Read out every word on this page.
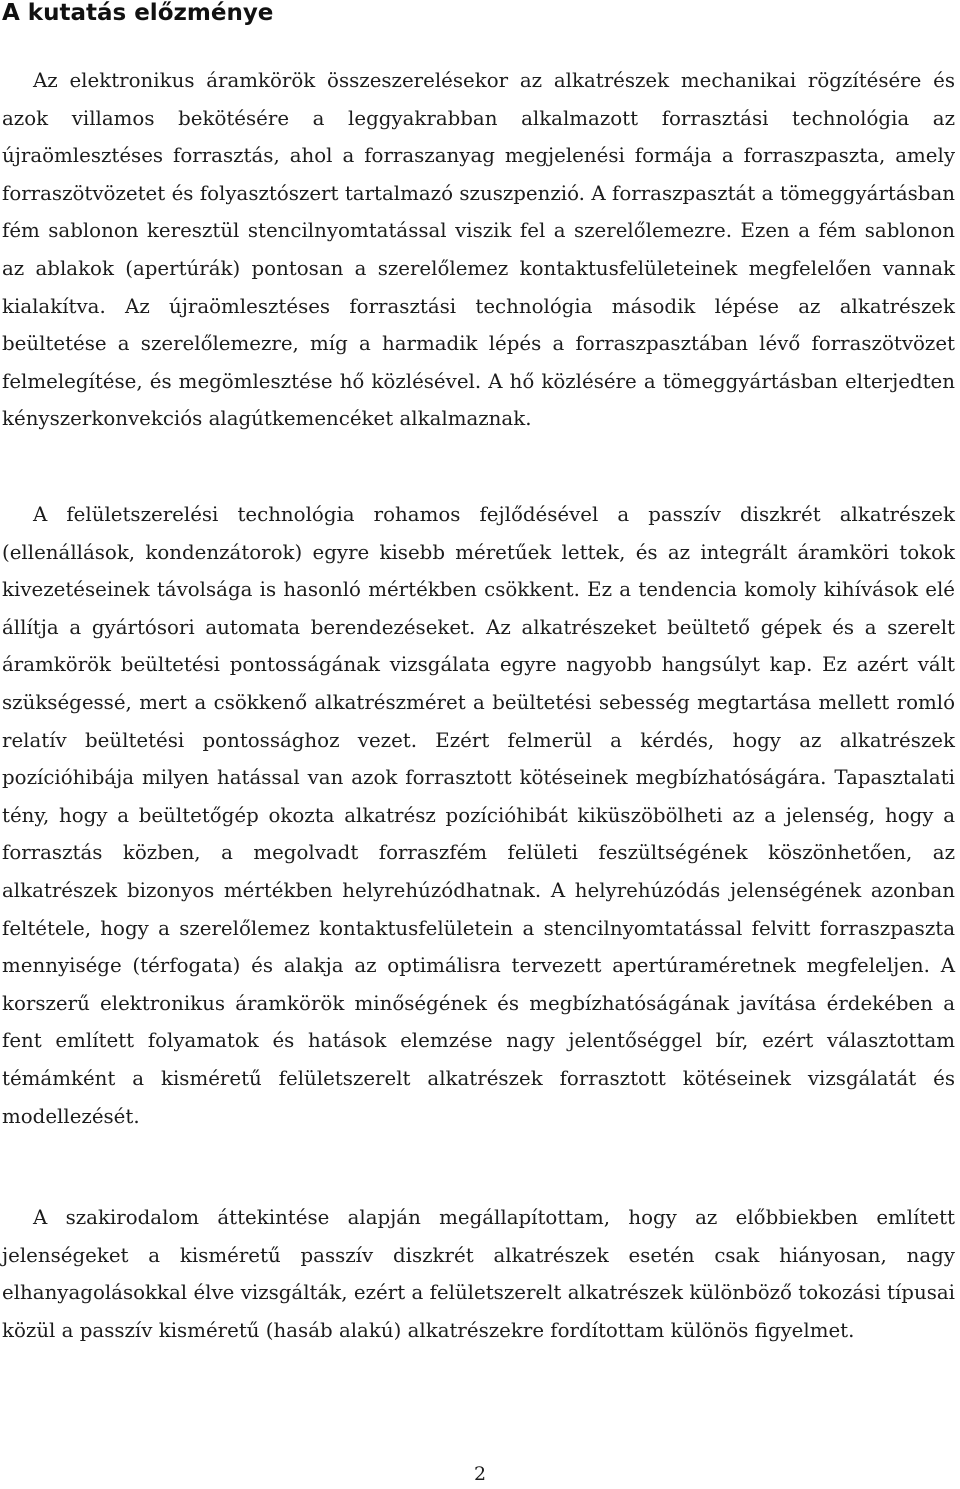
A kutatás előzménye

Az elektronikus áramkörök összeszerelésekor az alkatrészek mechanikai rögzítésére és azok villamos bekötésére a leggyakrabban alkalmazott forrasztási technológia az újraömlesztéses forrasztás, ahol a forraszanyag megjelenési formája a forraszpaszta, amely forraszötvözetet és folyasztószert tartalmazó szuszpenzió. A forraszpasztát a tömeggyártásban fém sablonon keresztül stencilnyomtatással viszik fel a szerelőlemezre. Ezen a fém sablonon az ablakok (apertúrák) pontosan a szerelőlemez kontaktusfelületeinek megfelelően vannak kialakítva. Az újraömlesztéses forrasztási technológia második lépése az alkatrészek beültetése a szerelőlemezre, míg a harmadik lépés a forraszpasztában lévő forraszötvözet felmelegítése, és megömlesztése hő közlésével. A hő közlésére a tömeggyártásban elterjedten kényszerkonvekciós alagútkemencéket alkalmaznak.

A felületszerelési technológia rohamos fejlődésével a passzív diszkrét alkatrészek (ellenállások, kondenzátorok) egyre kisebb méretűek lettek, és az integrált áramköri tokok kivezetéseinek távolsága is hasonló mértékben csökkent. Ez a tendencia komoly kihívások elé állítja a gyártósori automata berendezéseket. Az alkatrészeket beültető gépek és a szerelt áramkörök beültetési pontosságának vizsgálata egyre nagyobb hangsúlyt kap. Ez azért vált szükségessé, mert a csökkenő alkatrészméret a beültetési sebesség megtartása mellett romló relatív beültetési pontossághoz vezet. Ezért felmerül a kérdés, hogy az alkatrészek pozícióhibája milyen hatással van azok forrasztott kötéseinek megbízhatóságára. Tapasztalati tény, hogy a beültetőgép okozta alkatrész pozícióhibát kiküszöbölheti az a jelenség, hogy a forrasztás közben, a megolvadt forraszfém felületi feszültségének köszönhetően, az alkatrészek bizonyos mértékben helyrehúzódhatnak. A helyrehúzódás jelenségének azonban feltétele, hogy a szerelőlemez kontaktusfelületein a stencilnyomtatással felvitt forraszpaszta mennyisége (térfogata) és alakja az optimálisra tervezett apertúraméretnek megfeleljen. A korszerű elektronikus áramkörök minőségének és megbízhatóságának javítása érdekében a fent említett folyamatok és hatások elemzése nagy jelentőséggel bír, ezért választottam témámként a kisméretű felületszerelt alkatrészek forrasztott kötéseinek vizsgálatát és modellezését.

A szakirodalom áttekintése alapján megállapítottam, hogy az előbbiekben említett jelenségeket a kisméretű passzív diszkrét alkatrészek esetén csak hiányosan, nagy elhanyagolásokkal élve vizsgálták, ezért a felületszerelt alkatrészek különböző tokozási típusai közül a passzív kisméretű (hasáb alakú) alkatrészekre fordítottam különös figyelmet.

2
